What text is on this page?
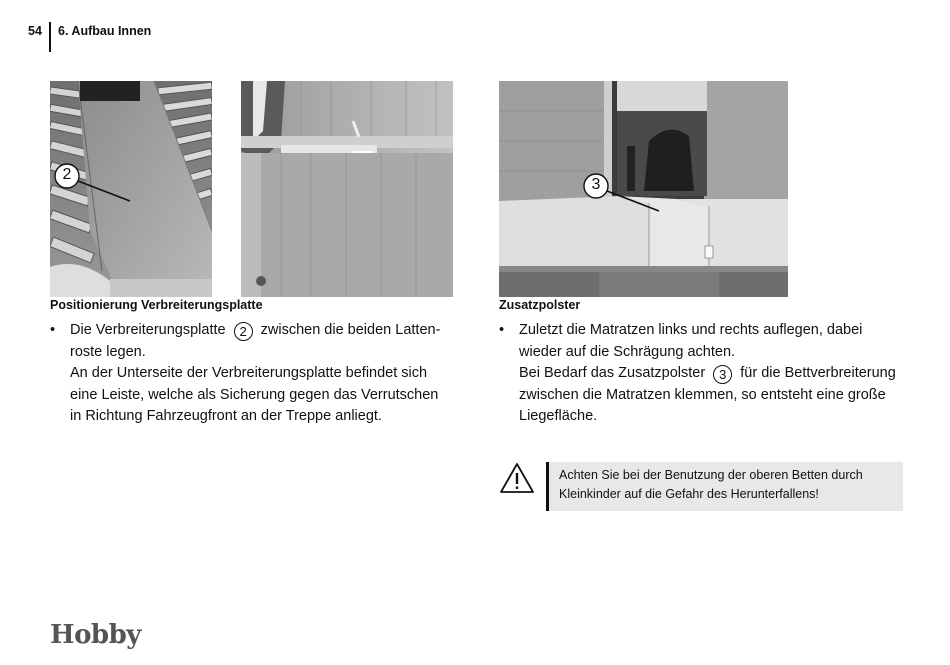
54 6. Aufbau Innen
2
3
Positionierung Verbreiterungsplatte
• Die Verbreiterungsplatte 2 zwischen die beiden Latten-
roste legen.
An der Unterseite der Verbreiterungsplatte befindet sich
eine Leiste, welche als Sicherung gegen das Verrutschen
in Richtung Fahrzeugfront an der Treppe anliegt.
Zusatzpolster
• Zuletzt die Matratzen links und rechts auflegen, dabei
wieder auf die Schrägung achten.
Bei Bedarf das Zusatzpolster 3 für die Bettverbreiterung
zwischen die Matratzen klemmen, so entsteht eine große
Liegefläche.
Achten Sie bei der Benutzung der oberen Betten durch
Kleinkinder auf die Gefahr des Herunterfallens!
Hobby
